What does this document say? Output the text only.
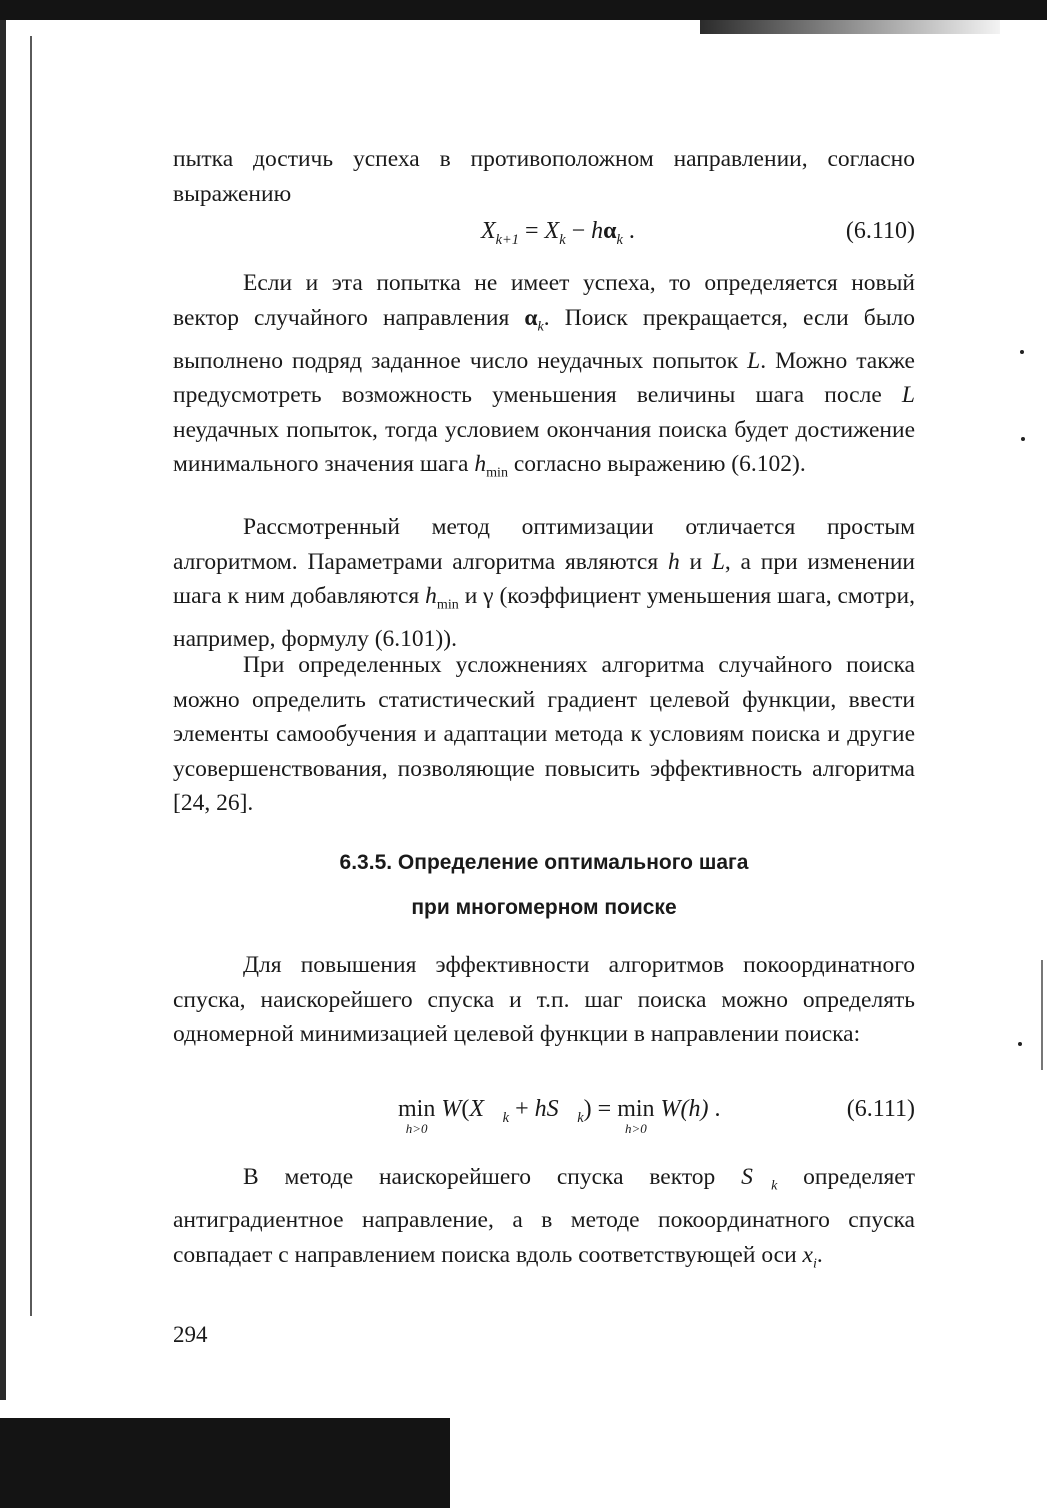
пытка достичь успеха в противоположном направлении, согласно выражению

$X_{k+1} = X_k - h\alpha_k$ .	(6.110)

Если и эта попытка не имеет успеха, то определяется новый вектор случайного направления $\alpha_k$. Поиск прекращается, если было выполнено подряд заданное число неудачных попыток L. Можно также предусмотреть возможность уменьшения величины шага после L неудачных попыток, тогда условием окончания поиска будет достижение минимального значения шага $h_{min}$ согласно выражению (6.102).

Рассмотренный метод оптимизации отличается простым алгоритмом. Параметрами алгоритма являются h и L, а при изменении шага к ним добавляются $h_{min}$ и γ (коэффициент уменьшения шага, смотри, например, формулу (6.101)).

При определенных усложнениях алгоритма случайного поиска можно определить статистический градиент целевой функции, ввести элементы самообучения и адаптации метода к условиям поиска и другие усовершенствования, позволяющие повысить эффективность алгоритма [24, 26].

6.3.5. Определение оптимального шага
при многомерном поиске

Для повышения эффективности алгоритмов покоординатного спуска, наискорейшего спуска и т.п. шаг поиска можно определять одномерной минимизацией целевой функции в направлении поиска:

min
h>0
$W(X⃗_k$ + $hS⃗_k) = \min$
h>0
W(h) .	(6.111)

В методе наискорейшего спуска вектор $S⃗_k$ определяет антиградиентное направление, а в методе покоординатного спуска совпадает с направлением поиска вдоль соответствующей оси $x_i$.

294
